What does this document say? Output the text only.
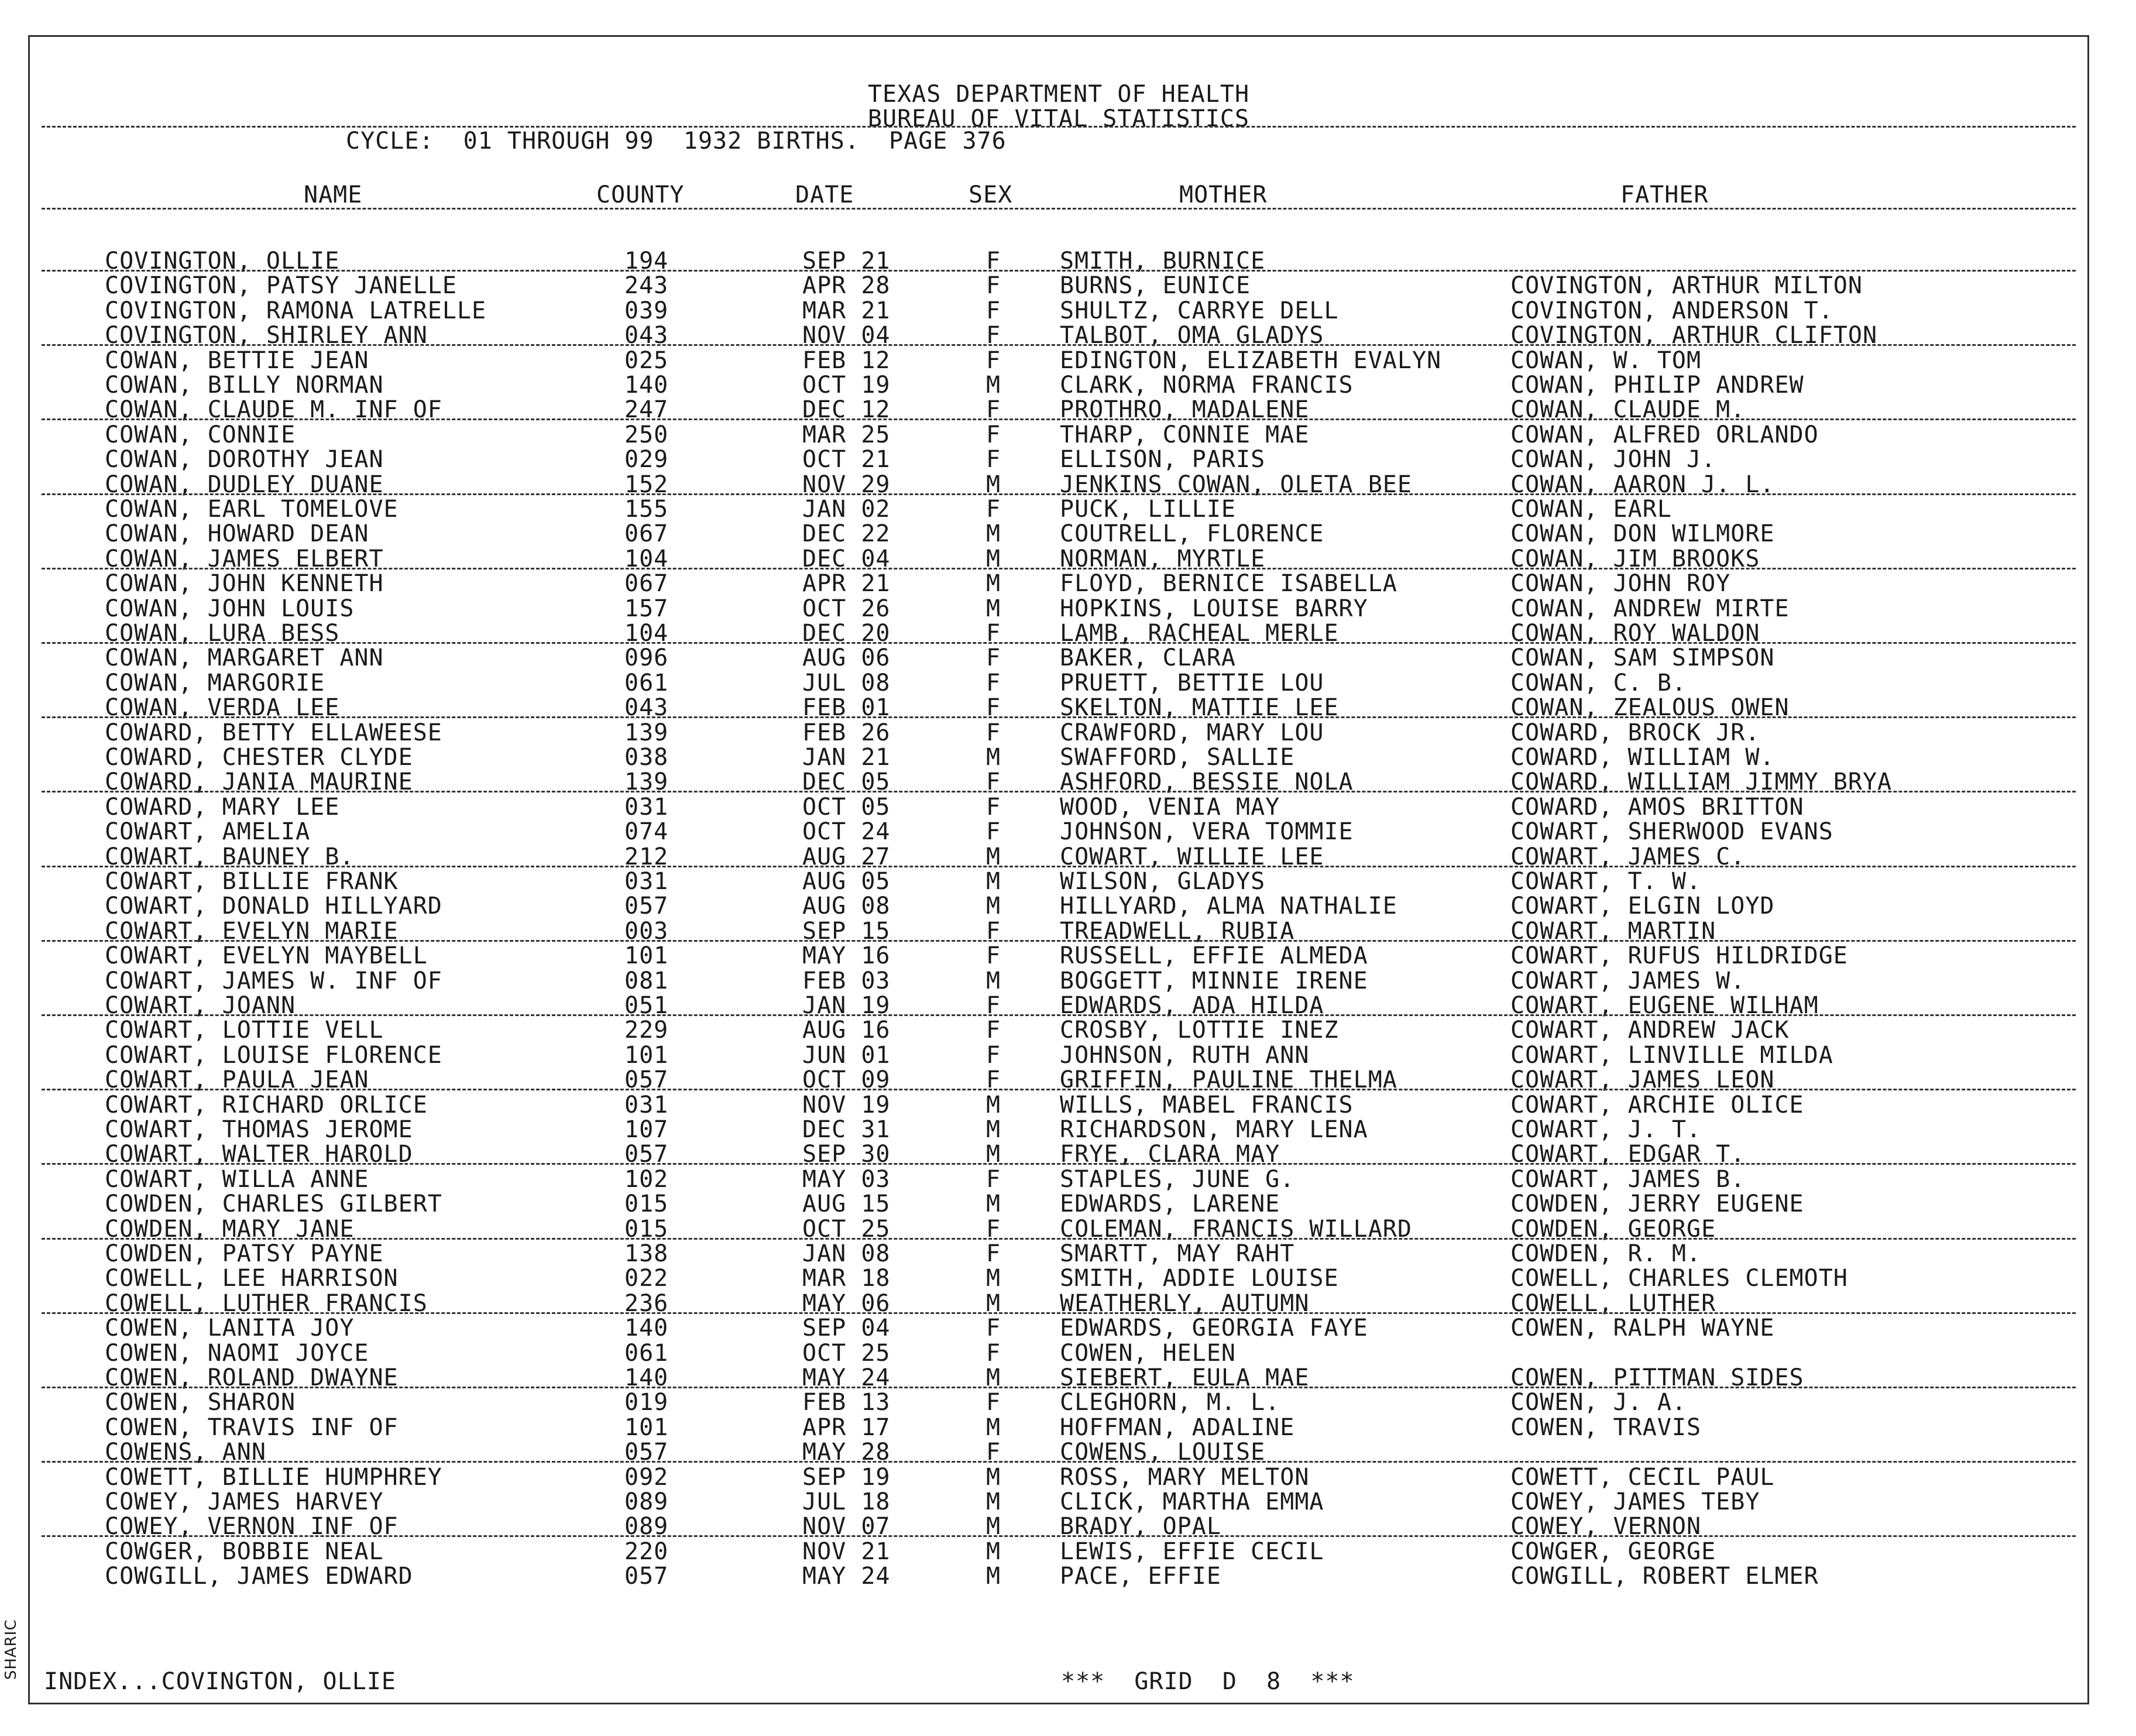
TEXAS DEPARTMENT OF HEALTH
BUREAU OF VITAL STATISTICS
CYCLE:  01 THROUGH 99  1932 BIRTHS.  PAGE 376
NAME	COUNTY	DATE	SEX	MOTHER	FATHER
COVINGTON, OLLIE	194	SEP 21	F	SMITH, BURNICE
COVINGTON, PATSY JANELLE	243	APR 28	F	BURNS, EUNICE	COVINGTON, ARTHUR MILTON
COVINGTON, RAMONA LATRELLE	039	MAR 21	F	SHULTZ, CARRYE DELL	COVINGTON, ANDERSON T.
COVINGTON, SHIRLEY ANN	043	NOV 04	F	TALBOT, OMA GLADYS	COVINGTON, ARTHUR CLIFTON
COWAN, BETTIE JEAN	025	FEB 12	F	EDINGTON, ELIZABETH EVALYN	COWAN, W. TOM
COWAN, BILLY NORMAN	140	OCT 19	M	CLARK, NORMA FRANCIS	COWAN, PHILIP ANDREW
COWAN, CLAUDE M. INF OF	247	DEC 12	F	PROTHRO, MADALENE	COWAN, CLAUDE M.
COWAN, CONNIE	250	MAR 25	F	THARP, CONNIE MAE	COWAN, ALFRED ORLANDO
COWAN, DOROTHY JEAN	029	OCT 21	F	ELLISON, PARIS	COWAN, JOHN J.
COWAN, DUDLEY DUANE	152	NOV 29	M	JENKINS COWAN, OLETA BEE	COWAN, AARON J. L.
COWAN, EARL TOMELOVE	155	JAN 02	F	PUCK, LILLIE	COWAN, EARL
COWAN, HOWARD DEAN	067	DEC 22	M	COUTRELL, FLORENCE	COWAN, DON WILMORE
COWAN, JAMES ELBERT	104	DEC 04	M	NORMAN, MYRTLE	COWAN, JIM BROOKS
COWAN, JOHN KENNETH	067	APR 21	M	FLOYD, BERNICE ISABELLA	COWAN, JOHN ROY
COWAN, JOHN LOUIS	157	OCT 26	M	HOPKINS, LOUISE BARRY	COWAN, ANDREW MIRTE
COWAN, LURA BESS	104	DEC 20	F	LAMB, RACHEAL MERLE	COWAN, ROY WALDON
COWAN, MARGARET ANN	096	AUG 06	F	BAKER, CLARA	COWAN, SAM SIMPSON
COWAN, MARGORIE	061	JUL 08	F	PRUETT, BETTIE LOU	COWAN, C. B.
COWAN, VERDA LEE	043	FEB 01	F	SKELTON, MATTIE LEE	COWAN, ZEALOUS OWEN
COWARD, BETTY ELLAWEESE	139	FEB 26	F	CRAWFORD, MARY LOU	COWARD, BROCK JR.
COWARD, CHESTER CLYDE	038	JAN 21	M	SWAFFORD, SALLIE	COWARD, WILLIAM W.
COWARD, JANIA MAURINE	139	DEC 05	F	ASHFORD, BESSIE NOLA	COWARD, WILLIAM JIMMY BRYA
COWARD, MARY LEE	031	OCT 05	F	WOOD, VENIA MAY	COWARD, AMOS BRITTON
COWART, AMELIA	074	OCT 24	F	JOHNSON, VERA TOMMIE	COWART, SHERWOOD EVANS
COWART, BAUNEY B.	212	AUG 27	M	COWART, WILLIE LEE	COWART, JAMES C.
COWART, BILLIE FRANK	031	AUG 05	M	WILSON, GLADYS	COWART, T. W.
COWART, DONALD HILLYARD	057	AUG 08	M	HILLYARD, ALMA NATHALIE	COWART, ELGIN LOYD
COWART, EVELYN MARIE	003	SEP 15	F	TREADWELL, RUBIA	COWART, MARTIN
COWART, EVELYN MAYBELL	101	MAY 16	F	RUSSELL, EFFIE ALMEDA	COWART, RUFUS HILDRIDGE
COWART, JAMES W. INF OF	081	FEB 03	M	BOGGETT, MINNIE IRENE	COWART, JAMES W.
COWART, JOANN	051	JAN 19	F	EDWARDS, ADA HILDA	COWART, EUGENE WILHAM
COWART, LOTTIE VELL	229	AUG 16	F	CROSBY, LOTTIE INEZ	COWART, ANDREW JACK
COWART, LOUISE FLORENCE	101	JUN 01	F	JOHNSON, RUTH ANN	COWART, LINVILLE MILDA
COWART, PAULA JEAN	057	OCT 09	F	GRIFFIN, PAULINE THELMA	COWART, JAMES LEON
COWART, RICHARD ORLICE	031	NOV 19	M	WILLS, MABEL FRANCIS	COWART, ARCHIE OLICE
COWART, THOMAS JEROME	107	DEC 31	M	RICHARDSON, MARY LENA	COWART, J. T.
COWART, WALTER HAROLD	057	SEP 30	M	FRYE, CLARA MAY	COWART, EDGAR T.
COWART, WILLA ANNE	102	MAY 03	F	STAPLES, JUNE G.	COWART, JAMES B.
COWDEN, CHARLES GILBERT	015	AUG 15	M	EDWARDS, LARENE	COWDEN, JERRY EUGENE
COWDEN, MARY JANE	015	OCT 25	F	COLEMAN, FRANCIS WILLARD	COWDEN, GEORGE
COWDEN, PATSY PAYNE	138	JAN 08	F	SMARTT, MAY RAHT	COWDEN, R. M.
COWELL, LEE HARRISON	022	MAR 18	M	SMITH, ADDIE LOUISE	COWELL, CHARLES CLEMOTH
COWELL, LUTHER FRANCIS	236	MAY 06	M	WEATHERLY, AUTUMN	COWELL, LUTHER
COWEN, LANITA JOY	140	SEP 04	F	EDWARDS, GEORGIA FAYE	COWEN, RALPH WAYNE
COWEN, NAOMI JOYCE	061	OCT 25	F	COWEN, HELEN
COWEN, ROLAND DWAYNE	140	MAY 24	M	SIEBERT, EULA MAE	COWEN, PITTMAN SIDES
COWEN, SHARON	019	FEB 13	F	CLEGHORN, M. L.	COWEN, J. A.
COWEN, TRAVIS INF OF	101	APR 17	M	HOFFMAN, ADALINE	COWEN, TRAVIS
COWENS, ANN	057	MAY 28	F	COWENS, LOUISE
COWETT, BILLIE HUMPHREY	092	SEP 19	M	ROSS, MARY MELTON	COWETT, CECIL PAUL
COWEY, JAMES HARVEY	089	JUL 18	M	CLICK, MARTHA EMMA	COWEY, JAMES TEBY
COWEY, VERNON INF OF	089	NOV 07	M	BRADY, OPAL	COWEY, VERNON
COWGER, BOBBIE NEAL	220	NOV 21	M	LEWIS, EFFIE CECIL	COWGER, GEORGE
COWGILL, JAMES EDWARD	057	MAY 24	M	PACE, EFFIE	COWGILL, ROBERT ELMER
INDEX...COVINGTON, OLLIE	***  GRID  D  8  ***
SHARIC
